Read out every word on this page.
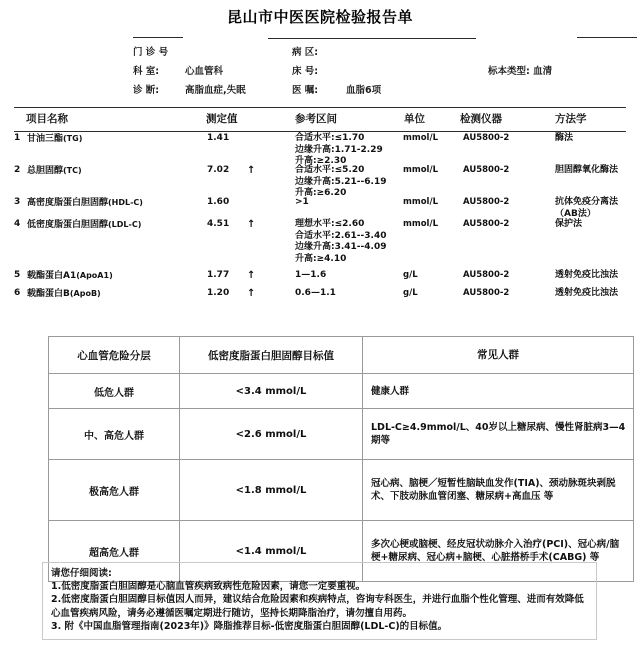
昆山市中医医院检验报告单
门 诊 号
科 室:	心血管科
诊 断:	高脂血症,失眠
病 区:
床 号:
医 嘱:	血脂6项
标本类型: 血清
项目名称	测定值	参考区间	单位	检测仪器	方法学
1 甘油三酯(TG)	1.41	合适水平:≤1.70
边缘升高:1.71-2.29
升高:≥2.30
mmol/L	AU5800-2	酶法
2 总胆固醇(TC)	7.02 ↑	合适水平:≤5.20
边缘升高:5.21--6.19
升高:≥6.20
mmol/L	AU5800-2	胆固醇氧化酶法
3 高密度脂蛋白胆固醇(HDL-C)	1.60	>1	mmol/L	AU5800-2	抗体免疫分离法（AB法）
4 低密度脂蛋白胆固醇(LDL-C)	4.51 ↑	理想水平:≤2.60
合适水平:2.61--3.40
边缘升高:3.41--4.09
升高:≥4.10
mmol/L	AU5800-2	保护法
5 载酯蛋白A1(ApoA1)	1.77 ↑	1—1.6	g/L	AU5800-2	透射免疫比浊法
6 载酯蛋白B(ApoB)	1.20 ↑	0.6—1.1	g/L	AU5800-2	透射免疫比浊法
心血管危险分层	低密度脂蛋白胆固醇目标值	常见人群
低危人群	<3.4 mmol/L	健康人群
中、高危人群	<2.6 mmol/L	LDL-C≥4.9mmol/L、40岁以上糖尿病、慢性肾脏病3—4期等
极高危人群	<1.8 mmol/L	冠心病、脑梗／短暂性脑缺血发作(TIA)、颈动脉斑块剥脱术、下肢动脉血管闭塞、糖尿病+高血压 等
超高危人群	<1.4 mmol/L	多次心梗或脑梗、经皮冠状动脉介入治疗(PCI)、冠心病/脑梗+糖尿病、冠心病+脑梗、心脏搭桥手术(CABG) 等
请您仔细阅读:
1.低密度脂蛋白胆固醇是心脑血管疾病致病性危险因素，请您一定要重视。
2.低密度脂蛋白胆固醇目标值因人而异，建议结合危险因素和疾病特点，咨询专科医生，并进行血脂个性化管理、进而有效降低心血管疾病风险，请务必遵循医嘱定期进行随访，坚持长期降脂治疗，请勿擅自用药。
3. 附《中国血脂管理指南(2023年)》降脂推荐目标-低密度脂蛋白胆固醇(LDL-C)的目标值。
